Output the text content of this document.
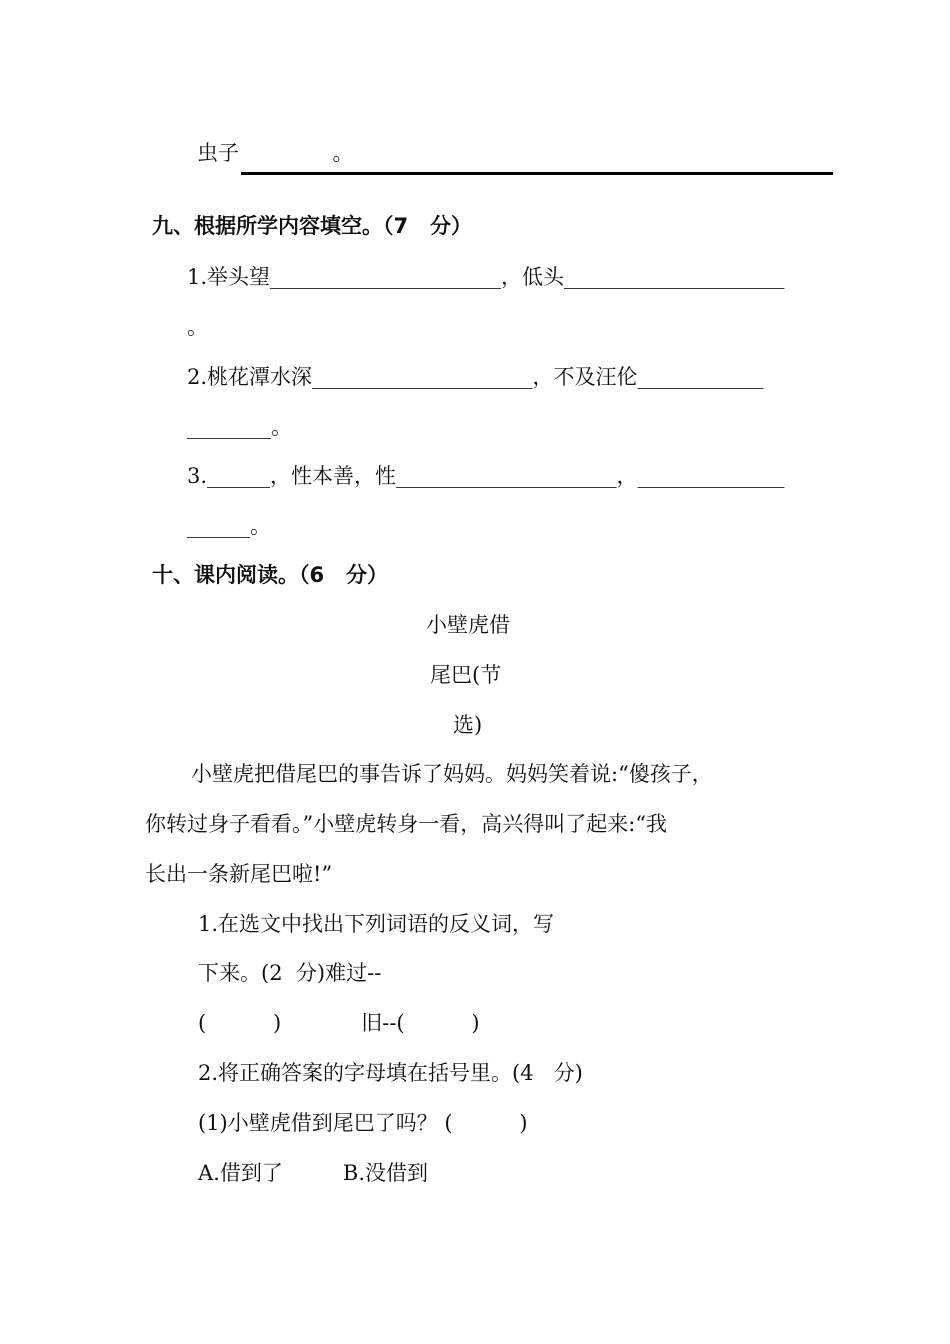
虫子              。
九、根据所学内容填空。（7   分）
1.举头望______________________，低头_____________________
。
2.桃花潭水深_____________________，不及汪伦____________
________。
3.______，性本善，性_____________________，______________
______。
十、课内阅读。（6   分）
小壁虎借
尾巴(节
选)
小壁虎把借尾巴的事告诉了妈妈。妈妈笑着说:“傻孩子，
你转过身子看看。”小壁虎转身一看，高兴得叫了起来:“我
长出一条新尾巴啦!”
1.在选文中找出下列词语的反义词，写
下来。(2  分)难过--
(          )            旧--(          )
2.将正确答案的字母填在括号里。(4   分)
(1)小壁虎借到尾巴了吗？ (          )
A.借到了         B.没借到
